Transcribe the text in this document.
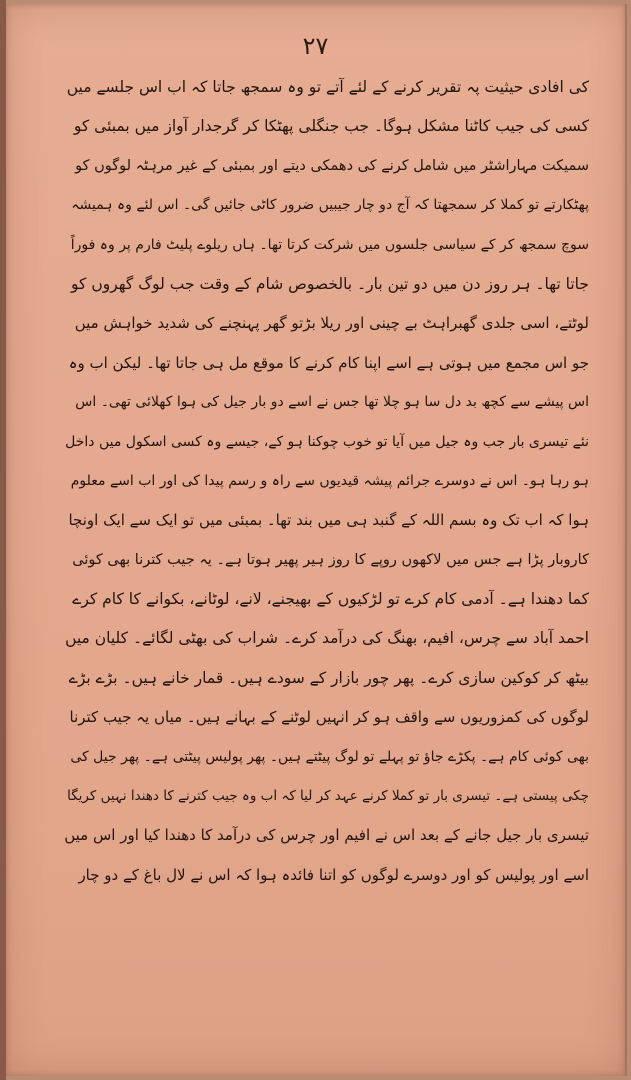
۲۷
کی افادی حیثیت پہ تقریر کرنے کے لئے آتے تو وہ سمجھ جاتا کہ اب اس جلسے میں
کسی کی جیب کاٹنا مشکل ہوگا۔ جب جنگلی پھٹکا کر گرجدار آواز میں بمبئی کو
سمیکت مہاراشٹر میں شامل کرنے کی دھمکی دیتے اور بمبئی کے غیر مرہٹہ لوگوں کو
پھٹکارتے تو کملا کر سمجھتا کہ آج دو چار جیبیں ضرور کاٹی جائیں گی۔ اس لئے وہ ہمیشہ
سوچ سمجھ کر کے سیاسی جلسوں میں شرکت کرتا تھا۔ ہاں ریلوے پلیٹ فارم پر وہ فوراً
جاتا تھا۔ ہر روز دن میں دو تین بار۔ بالخصوص شام کے وقت جب لوگ گھروں کو
لوٹتے، اسی جلدی گھبراہٹ بے چینی اور ریلا بڑتو گھر پہنچنے کی شدید خواہش میں
جو اس مجمع میں ہوتی ہے اسے اپنا کام کرنے کا موقع مل ہی جاتا تھا۔ لیکن اب وہ
اس پیشے سے کچھ بد دل سا ہو چلا تھا جس نے اسے دو بار جیل کی ہوا کھلائی تھی۔ اس
نئے تیسری بار جب وہ جیل میں آیا تو خوب چوکنا ہو کے، جیسے وہ کسی اسکول میں داخل
ہو رہا ہو۔ اس نے دوسرے جرائم پیشہ قیدیوں سے راہ و رسم پیدا کی اور اب اسے معلوم
ہوا کہ اب تک وہ بسم اللہ کے گنبد ہی میں بند تھا۔ بمبئی میں تو ایک سے ایک اونچا
کاروبار پڑا ہے جس میں لاکھوں روپے کا روز ہیر پھیر ہوتا ہے۔ یہ جیب کترنا بھی کوئی
کما دھندا ہے۔ آدمی کام کرے تو لڑکیوں کے بھیجنے، لانے، لوٹانے، بکوانے کا کام کرے
احمد آباد سے چرس، افیم، بھنگ کی درآمد کرے۔ شراب کی بھٹی لگائے۔ کلیان میں
بیٹھ کر کوکین سازی کرے۔ پھر چور بازار کے سودے ہیں۔ قمار خانے ہیں۔ بڑے بڑے
لوگوں کی کمزوریوں سے واقف ہو کر انہیں لوٹنے کے بہانے ہیں۔ میاں یہ جیب کترنا
بھی کوئی کام ہے۔ پکڑے جاؤ تو پہلے تو لوگ پیٹتے ہیں۔ پھر پولیس پیٹتی ہے۔ پھر جیل کی
چکی پیستی ہے۔ تیسری بار تو کملا کرنے عہد کر لیا کہ اب وہ جیب کترنے کا دھندا نہیں کریگا
تیسری بار جیل جانے کے بعد اس نے افیم اور چرس کی درآمد کا دھندا کیا اور اس میں
اسے اور پولیس کو اور دوسرے لوگوں کو اتنا فائدہ ہوا کہ اس نے لال باغ کے دو چار
